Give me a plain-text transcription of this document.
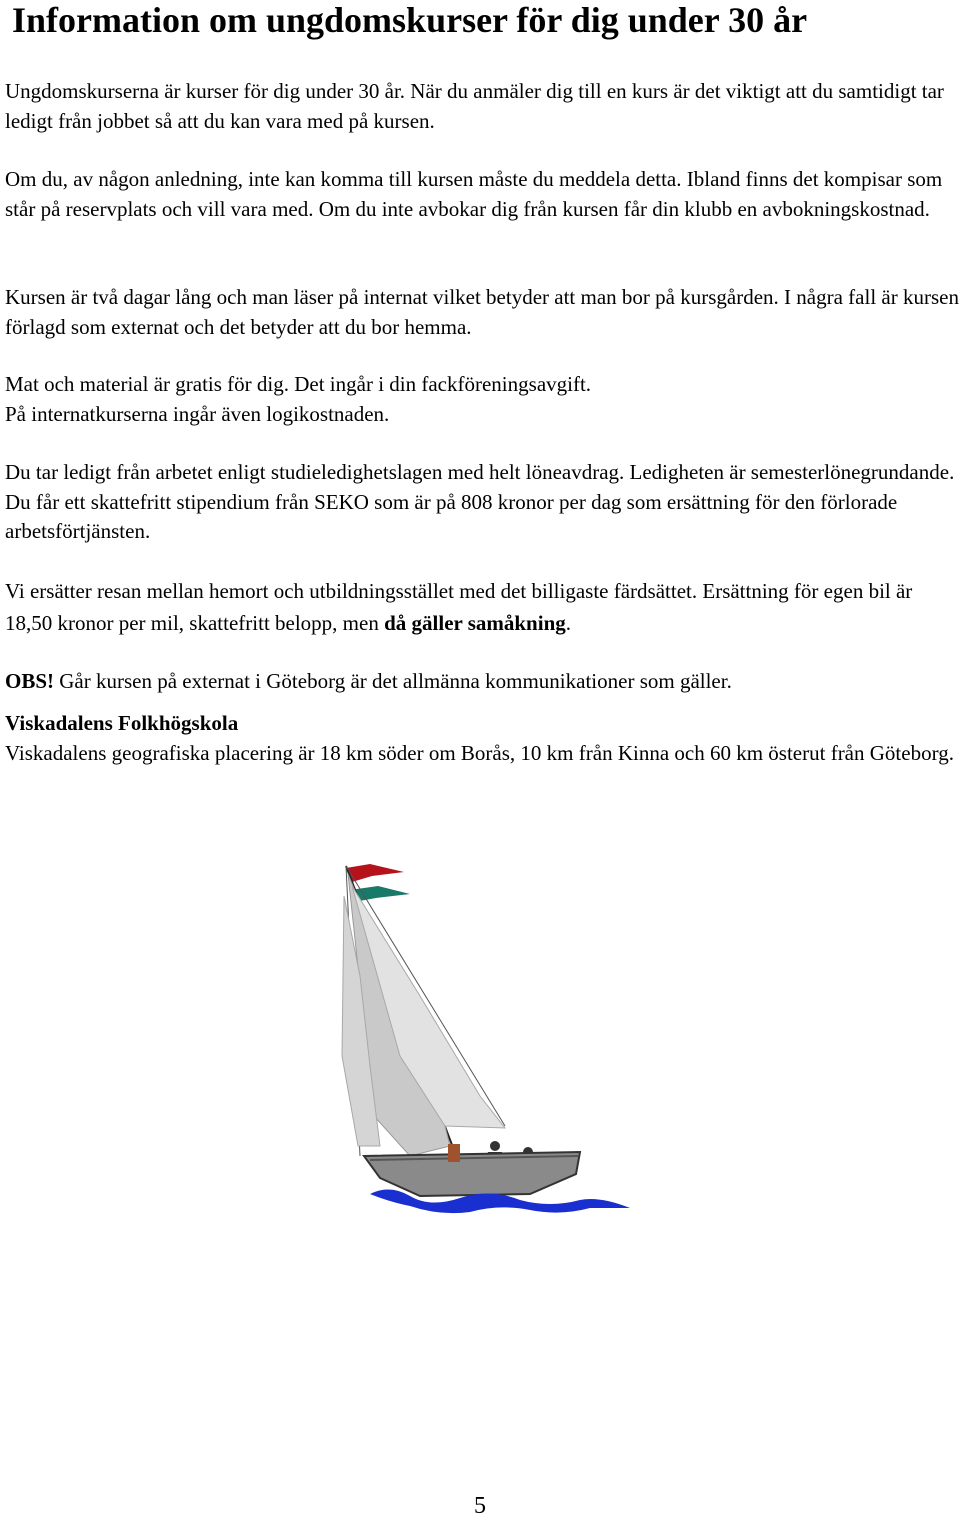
Information om ungdomskurser för dig under 30 år

Ungdomskurserna är kurser för dig under 30 år. När du anmäler dig till en kurs är det viktigt att du samtidigt tar ledigt från jobbet så att du kan vara med på kursen.

Om du, av någon anledning, inte kan komma till kursen måste du meddela detta. Ibland finns det kompisar som står på reservplats och vill vara med. Om du inte avbokar dig från kursen får din klubb en avbokningskostnad.

Kursen är två dagar lång och man läser på internat vilket betyder att man bor på kursgården. I några fall är kursen förlagd som externat och det betyder att du bor hemma.

Mat och material är gratis för dig. Det ingår i din fackföreningsavgift.
På internatkurserna ingår även logikostnaden.

Du tar ledigt från arbetet enligt studieledighetslagen med helt löneavdrag. Ledigheten är semesterlönegrundande. Du får ett skattefritt stipendium från SEKO som är på 808 kronor per dag som ersättning för den förlorade arbetsförtjänsten.

Vi ersätter resan mellan hemort och utbildningsstället med det billigaste färdsättet. Ersättning för egen bil är 18,50 kronor per mil, skattefritt belopp, men då gäller samåkning.

OBS! Går kursen på externat i Göteborg är det allmänna kommunikationer som gäller.

Viskadalens Folkhögskola
Viskadalens geografiska placering är 18 km söder om Borås, 10 km från Kinna och 60 km österut från Göteborg.

5
